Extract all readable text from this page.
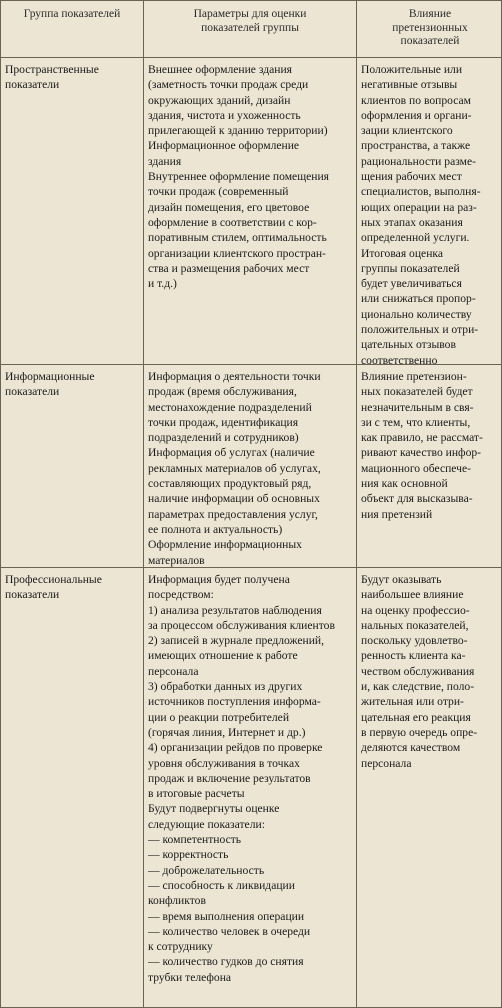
Группа показателей	Параметры для оценки
показателей группы
Влияние
претензионных
показателей
Пространственные
показатели
Внешнее оформление здания
(заметность точки продаж среди
окружающих зданий, дизайн
здания, чистота и ухоженность
прилегающей к зданию территории)
Информационное оформление
здания
Внутреннее оформление помещения
точки продаж (современный
дизайн помещения, его цветовое
оформление в соответствии с кор-
поративным стилем, оптимальность
организации клиентского простран-
ства и размещения рабочих мест
и т.д.)
Положительные или
негативные отзывы
клиентов по вопросам
оформления и органи-
зации клиентского
пространства, а также
рациональности разме-
щения рабочих мест
специалистов, выполня-
ющих операции на раз-
ных этапах оказания
определенной услуги.
Итоговая оценка
группы показателей
будет увеличиваться
или снижаться пропор-
ционально количеству
положительных и отри-
цательных отзывов
соответственно
Информационные
показатели
Информация о деятельности точки
продаж (время обслуживания,
местонахождение подразделений
точки продаж, идентификация
подразделений и сотрудников)
Информация об услугах (наличие
рекламных материалов об услугах,
составляющих продуктовый ряд,
наличие информации об основных
параметрах предоставления услуг,
ее полнота и актуальность)
Оформление информационных
материалов
Влияние претензион-
ных показателей будет
незначительным в свя-
зи с тем, что клиенты,
как правило, не рассмат-
ривают качество инфор-
мационного обеспече-
ния как основной
объект для высказыва-
ния претензий
Профессиональные
показатели
Информация будет получена
посредством:
1) анализа результатов наблюдения
за процессом обслуживания клиентов
2) записей в журнале предложений,
имеющих отношение к работе
персонала
3) обработки данных из других
источников поступления информа-
ции о реакции потребителей
(горячая линия, Интернет и др.)
4) организации рейдов по проверке
уровня обслуживания в точках
продаж и включение результатов
в итоговые расчеты
Будут подвергнуты оценке
следующие показатели:
— компетентность
— корректность
— доброжелательность
— способность к ликвидации
конфликтов
— время выполнения операции
— количество человек в очереди
к сотруднику
— количество гудков до снятия
трубки телефона
Будут оказывать
наибольшее влияние
на оценку профессио-
нальных показателей,
поскольку удовлетво-
ренность клиента ка-
чеством обслуживания
и, как следствие, поло-
жительная или отри-
цательная его реакция
в первую очередь опре-
деляются качеством
персонала
